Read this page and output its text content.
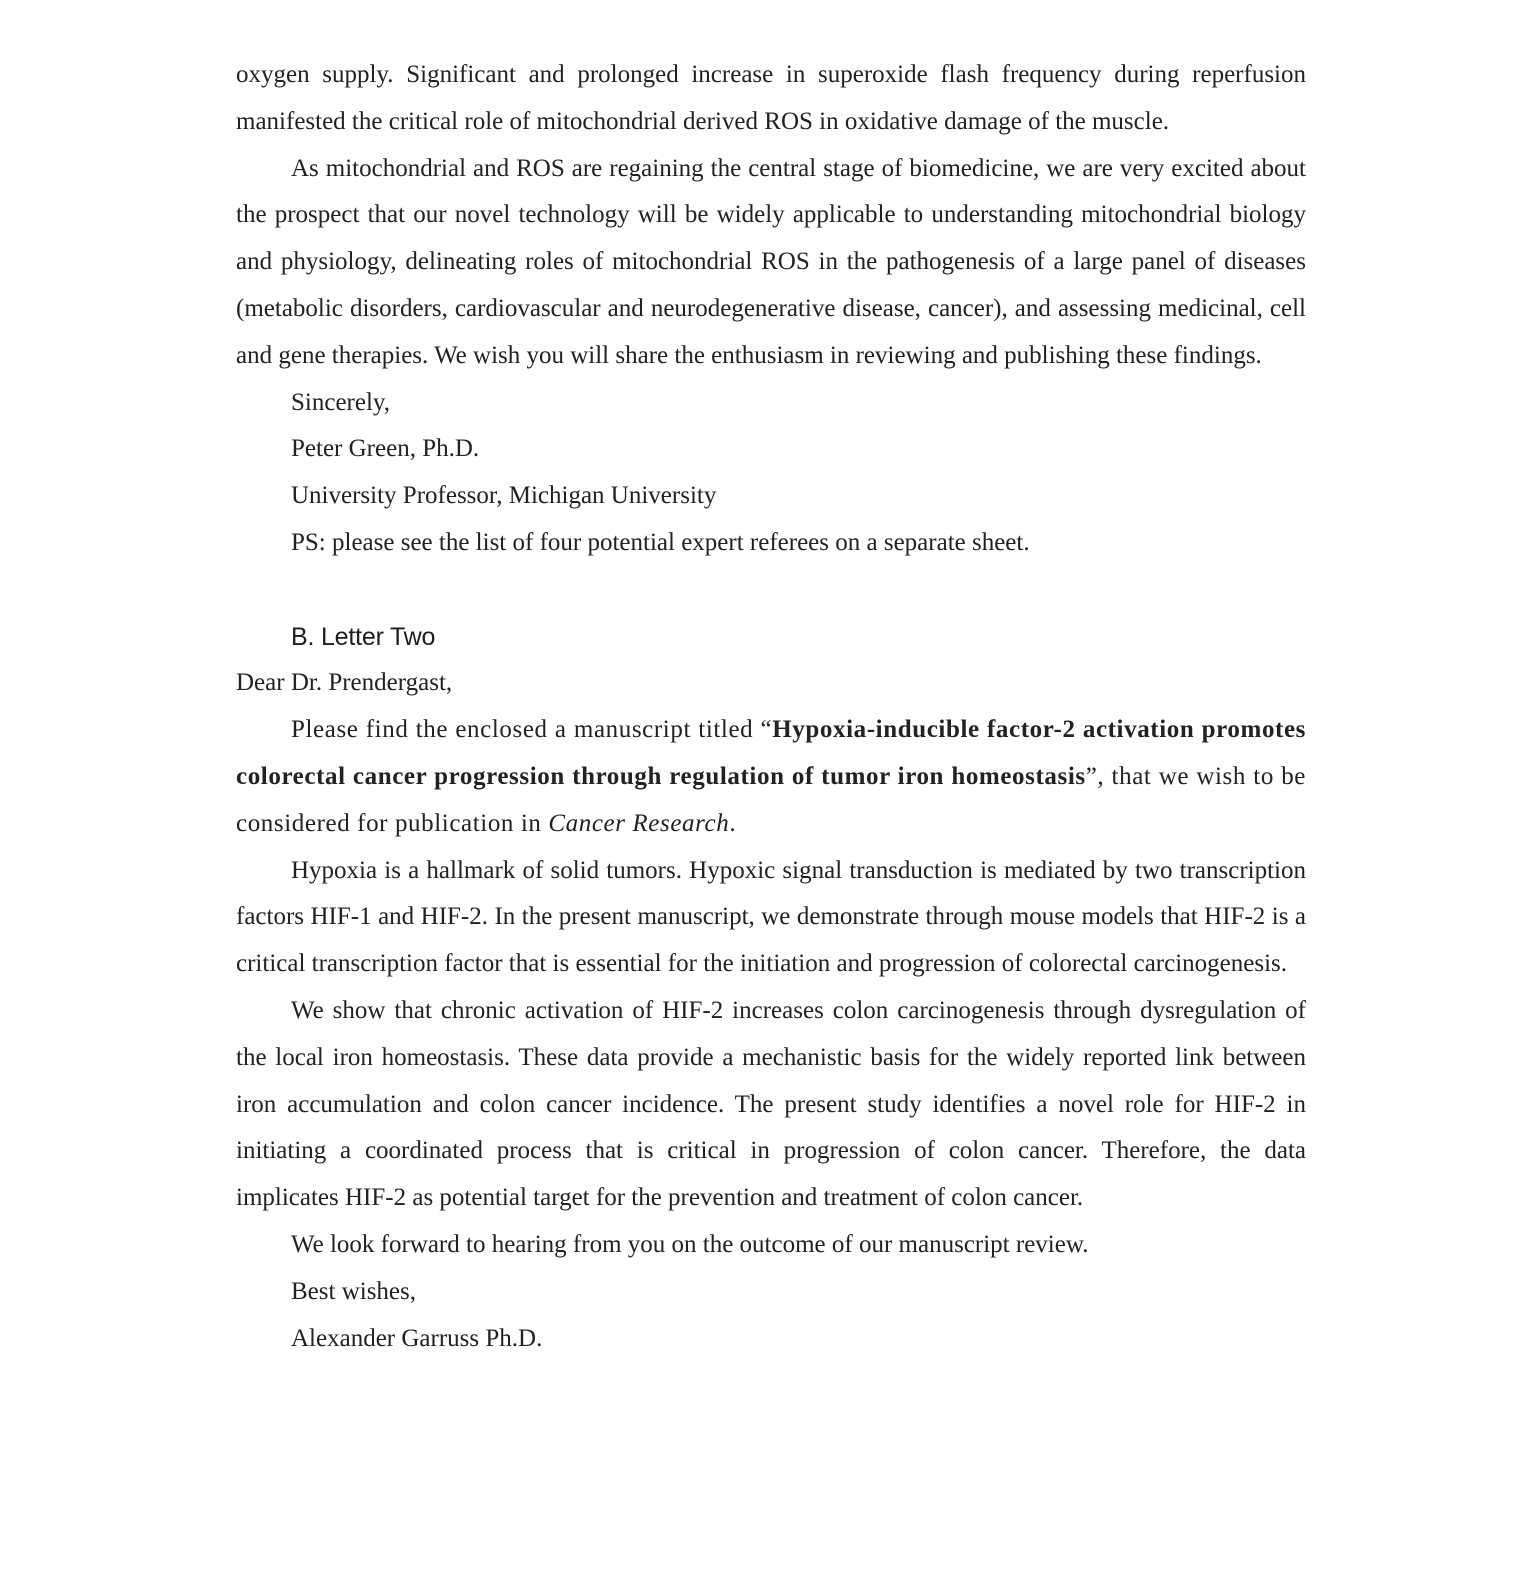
oxygen supply. Significant and prolonged increase in superoxide flash frequency during reperfusion manifested the critical role of mitochondrial derived ROS in oxidative damage of the muscle.

As mitochondrial and ROS are regaining the central stage of biomedicine, we are very excited about the prospect that our novel technology will be widely applicable to understanding mitochondrial biology and physiology, delineating roles of mitochondrial ROS in the pathogenesis of a large panel of diseases (metabolic disorders, cardiovascular and neurodegenerative disease, cancer), and assessing medicinal, cell and gene therapies. We wish you will share the enthusiasm in reviewing and publishing these findings.

Sincerely,
Peter Green, Ph.D.
University Professor, Michigan University
PS: please see the list of four potential expert referees on a separate sheet.
B. Letter Two

Dear Dr. Prendergast,

Please find the enclosed a manuscript titled “Hypoxia-inducible factor-2 activation promotes colorectal cancer progression through regulation of tumor iron homeostasis”, that we wish to be considered for publication in Cancer Research.

Hypoxia is a hallmark of solid tumors. Hypoxic signal transduction is mediated by two transcription factors HIF-1 and HIF-2. In the present manuscript, we demonstrate through mouse models that HIF-2 is a critical transcription factor that is essential for the initiation and progression of colorectal carcinogenesis.

We show that chronic activation of HIF-2 increases colon carcinogenesis through dysregulation of the local iron homeostasis. These data provide a mechanistic basis for the widely reported link between iron accumulation and colon cancer incidence. The present study identifies a novel role for HIF-2 in initiating a coordinated process that is critical in progression of colon cancer. Therefore, the data implicates HIF-2 as potential target for the prevention and treatment of colon cancer.

We look forward to hearing from you on the outcome of our manuscript review.
Best wishes,
Alexander Garruss Ph.D.
